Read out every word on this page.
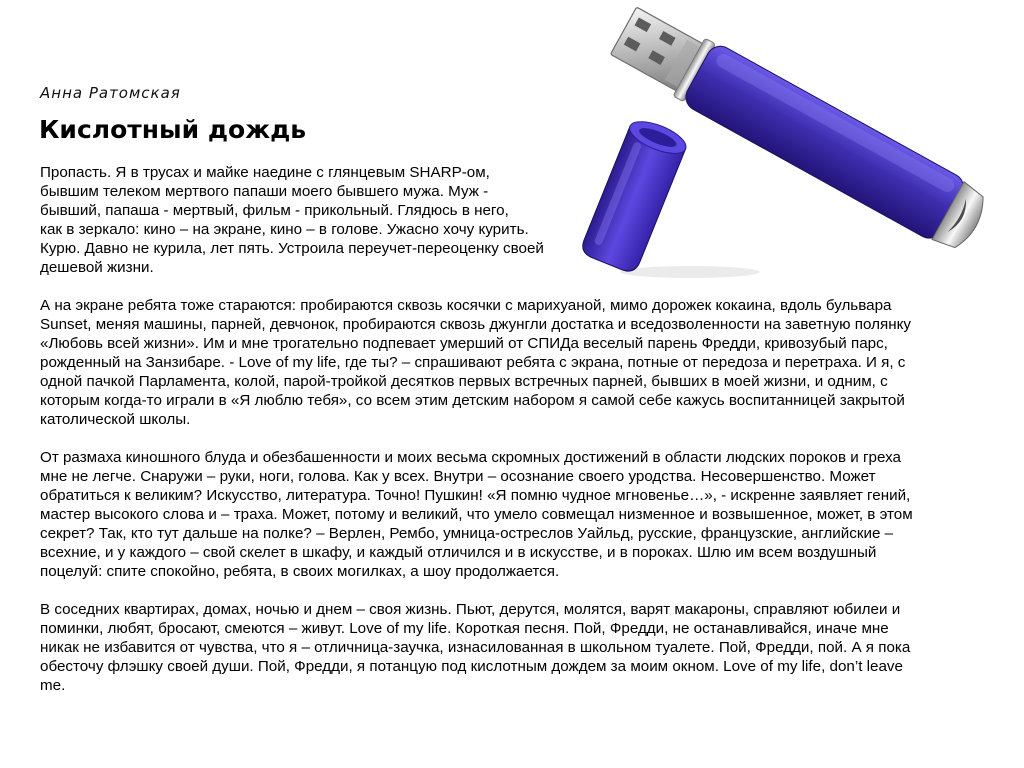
Анна Ратомская
Кислотный дождь

Пропасть. Я в трусах и майке наедине с глянцевым SHARP-ом,
бывшим телеком мертвого папаши моего бывшего мужа. Муж -
бывший, папаша - мертвый, фильм - прикольный. Глядюсь в него,
как в зеркало: кино – на экране, кино – в голове. Ужасно хочу курить.
Курю. Давно не курила, лет пять. Устроила переучет-переоценку своей
дешевой жизни.

А на экране ребята тоже стараются: пробираются сквозь косячки с марихуаной, мимо дорожек кокаина, вдоль бульвара
Sunset, меняя машины, парней, девчонок, пробираются сквозь джунгли достатка и вседозволенности на заветную полянку
«Любовь всей жизни». Им и мне трогательно подпевает умерший от СПИДа веселый парень Фредди, кривозубый парс,
рожденный на Занзибаре. - Love of my life, где ты? – спрашивают ребята с экрана, потные от передоза и перетраха. И я, с
одной пачкой Парламента, колой, парой-тройкой десятков первых встречных парней, бывших в моей жизни, и одним, с
которым когда-то играли в «Я люблю тебя», со всем этим детским набором я самой себе кажусь воспитанницей закрытой
католической школы.

От размаха киношного блуда и обезбашенности и моих весьма скромных достижений в области людских пороков и греха
мне не легче. Снаружи – руки, ноги, голова. Как у всех. Внутри – осознание своего уродства. Несовершенство. Может
обратиться к великим? Искусство, литература. Точно! Пушкин! «Я помню чудное мгновенье…», - искренне заявляет гений,
мастер высокого слова и – траха. Может, потому и великий, что умело совмещал низменное и возвышенное, может, в этом
секрет? Так, кто тут дальше на полке? – Верлен, Рембо, умница-остреслов Уайльд, русские, французские, английские –
всехние, и у каждого – свой скелет в шкафу, и каждый отличился и в искусстве, и в пороках. Шлю им всем воздушный
поцелуй: спите спокойно, ребята, в своих могилках, а шоу продолжается.

В соседних квартирах, домах, ночью и днем – своя жизнь. Пьют, дерутся, молятся, варят макароны, справляют юбилеи и
поминки, любят, бросают, смеются – живут. Love of my life. Короткая песня. Пой, Фредди, не останавливайся, иначе мне
никак не избавится от чувства, что я – отличница-заучка, изнасилованная в школьном туалете. Пой, Фредди, пой. А я пока
обесточу флэшку своей души. Пой, Фредди, я потанцую под кислотным дождем за моим окном. Love of my life, don’t leave
me.
